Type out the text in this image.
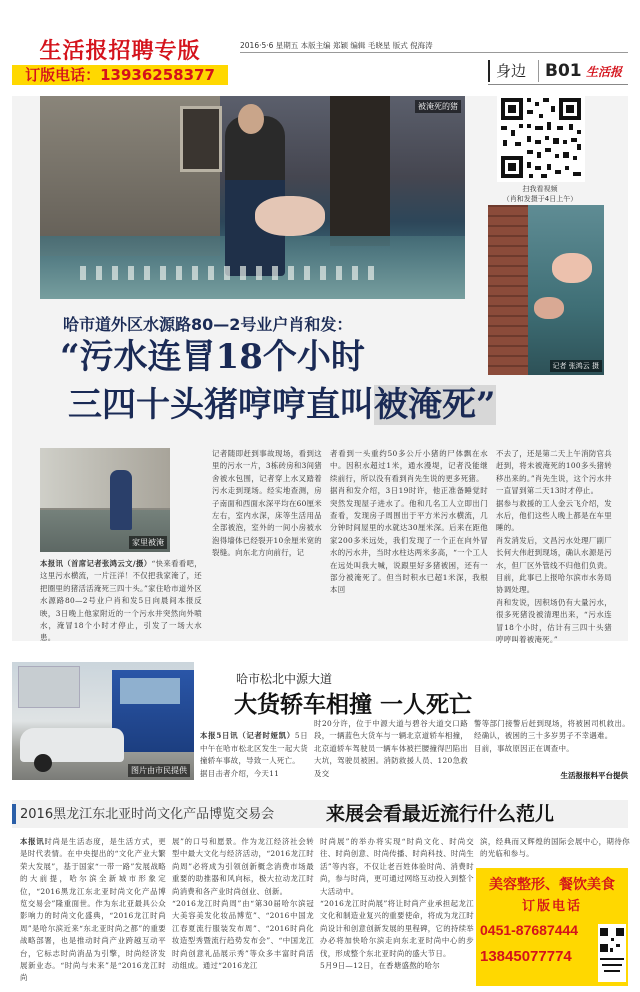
生活报招聘专版
订版电话：13936258377
2016·5·6 星期五 本版主编 郑颖 编辑 毛晓星 版式 倪海涛
身边	B01 生活报
被淹死的猪
扫我看视频
（肖和发摄于4日上午）
记者 张鸿云 摄
哈市道外区水源路80—2号业户肖和发：
“污水连冒18个小时
三四十头猪哼哼直叫被淹死”
家里被淹
本报讯（首席记者张鸿云文/摄）“快来看看吧，这里污水横流，一片汪洋！不仅把我家淹了，还把圈里的猪活活淹死三四十头。”家住哈市道外区水源路80—2号业户肖和发5日向晨间本报反映，3日晚上他家附近的一个污水井突然向外喷水，淹冒18个小时才停止，引发了一场大水患。
记者随即赶到事故现场，看到这里的污水一片，3栋砖房和3间猪舍被水包围，记者穿上水叉踏着污水走到现场。经实地查测，房子南面和西面水深平均在60厘米左右，室内水深，床等生活用品全部被泡，室外的一间小房被水泡得墙体已经裂开10余厘米宽的裂缝。向东北方向前行，记
者看到一头重约50多公斤小猪的尸体飘在水中。因积水超过1米，通水漫堤，记者没能继续前行，所以没有看到肖先生说的更多死猪。
据肖和发介绍，3日19时许，他正准备睡觉时突然发现屋子进水了。他和几名工人立即出门查看，发现房子周围出于平方米污水横流，几分钟时间屋里的水就达30厘米深。后来在距他家200多米远处，我们发现了一个正在向外冒水的污水井，当时水柱达两米多高，“一个工人在远处叫我大喊，说跟里好多猪被困，还有一部分被淹死了。但当时积水已超1米深，我根本回
不去了，还是第二天上午消防官兵赶到，将未被淹死的100多头猪转移出来的。”肖先生说，这个污水井一直冒到第二天13时才停止。
据参与救援的工人金云飞介绍，发水后，他们这些人晚上都是在车里睡的。
肖发消发后，文昌污水处理厂副厂长何大伟赶到现场，确认水源是污水，但厂区外管线不归他们负责。目前，此事已上报哈尔滨市水务局协调处理。
肖和发说，因积场仍有大量污水，很多死猪没被清理出来，“污水连冒18个小时，估计有三四十头猪哼哼叫着被淹死。”
图片由市民提供
哈市松北中源大道
大货轿车相撞 一人死亡

本报5日讯（记者时娅凯）5日中午在哈市松北区发生一起大货撞轿车事故，导致一人死亡。
据目击者介绍，今天11

时20分许，位于中源大道与碧谷大道交口路段，一辆蓝色大货车与一辆北京道轿车相撞，北京道轿车驾驶员一辆车体被拦腰撞得凹陷出大坑，驾驶员被困。消防救援人员、120急救及交
警等部门接警后赶到现场，将被困司机救出。经确认，被困的三十多岁男子不幸遇难。
目前，事故原因正在调查中。
生活报报料平台提供
2016黑龙江东北亚时尚文化产品博览交易会	来展会看最近流行什么范儿
本报讯时尚是生活态度，是生活方式，更是时代表情。在中央提出的“文化产业大繁荣大发展”，基于国家“一带一路”发展战略的大前提，哈尔滨全新城市形象定位，“2016黑龙江东北亚时尚文化产品博览交易会”隆重面世。作为东北亚最具公众影响力的时尚文化盛典，“2016龙江时尚周”是哈尔滨近来“东北亚时尚之都”的重要战略部署，也是推动时尚产业跨越互动平台，它标志时尚消品为引擎，时尚经济发展新业态。“时尚与未来”是“2016龙江时尚
展”的口号和愿景。作为龙江经济社会转型中最大文化与经济活动，“2016龙江时尚周”必将成为引领创新概念消费市场最重要的助推器和风向标，极大拉动龙江时尚消费和各产业时尚创业、创新。
“2016龙江时尚周”由“第30届哈尔滨冠大美容美发化妆品博览”、“2016中国龙江春夏流行服装发布周”、“2016时尚化妆造型秀暨流行趋势发布会”、“中国龙江时尚创意礼品展示秀”等众多丰富时尚活动组成。通过“2016龙江
时尚展”的举办将实现“时尚文化、时尚交往、时尚创意、时尚传播、时尚科技、时尚生活”等内容，不仅让老百姓体验时尚、消费时尚，参与时尚，更可通过网络互动投入到整个大活动中。
“2016龙江时尚展”将让时尚产业承担起龙江文化和制造业复兴的重要使命，将成为龙江时尚设计和创意创新发展的里程碑，它的持续举办必将加快哈尔滨走向东北亚时尚中心的步伐，形成整个东北亚时尚的盛大节日。
5月9日—12日，在香塘盛熬的哈尔
滨，经典而又辉煌的国际会展中心，期待你的光临和参与。
美容整形、餐饮美食
订版电话
0451-87687444
13845077774
